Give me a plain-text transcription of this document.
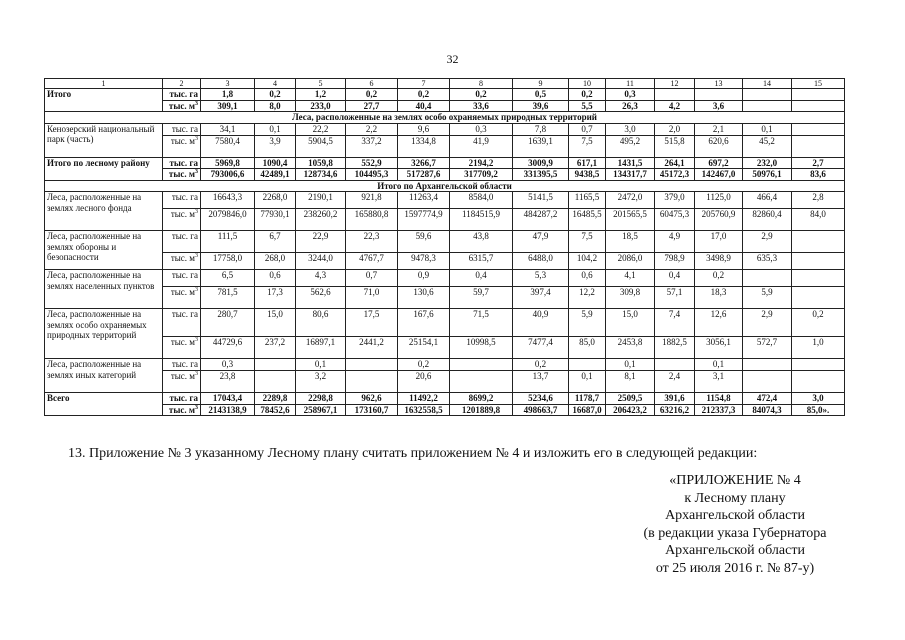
32
1	2	3	4	5	6	7	8	9	10	11	12	13	14	15
Итого	тыс. га	1,8	0,2	1,2	0,2	0,2	0,2	0,5	0,2	0,3				
	тыс. $м^3$	309,1	8,0	233,0	27,7	40,4	33,6	39,6	5,5	26,3	4,2	3,6		
Леса, расположенные на землях особо охраняемых природных территорий														
Кенозерский национальный парк (часть)	тыс. га	34,1	0,1	22,2	2,2	9,6	0,3	7,8	0,7	3,0	2,0	2,1	0,1	
	тыс. $м^3$	7580,4	3,9	5904,5	337,2	1334,8	41,9	1639,1	7,5	495,2	515,8	620,6	45,2	
Итого по лесному району	тыс. га	5969,8	1090,4	1059,8	552,9	3266,7	2194,2	3009,9	617,1	1431,5	264,1	697,2	232,0	2,7
	тыс. $м^3$	793006,6	42489,1	128734,6	104495,3	517287,6	317709,2	331395,5	9438,5	134317,7	45172,3	142467,0	50976,1	83,6
Итого по Архангельской области														
Леса, расположенные на землях лесного фонда	тыс. га	16643,3	2268,0	2190,1	921,8	11263,4	8584,0	5141,5	1165,5	2472,0	379,0	1125,0	466,4	2,8
	тыс. $м^3$	2079846,0	77930,1	238260,2	165880,8	1597774,9	1184515,9	484287,2	16485,5	201565,5	60475,3	205760,9	82860,4	84,0
Леса, расположенные на землях обороны и безопасности	тыс. га	111,5	6,7	22,9	22,3	59,6	43,8	47,9	7,5	18,5	4,9	17,0	2,9	
	тыс. $м^3$	17758,0	268,0	3244,0	4767,7	9478,3	6315,7	6488,0	104,2	2086,0	798,9	3498,9	635,3	
Леса, расположенные на землях населенных пунктов	тыс. га	6,5	0,6	4,3	0,7	0,9	0,4	5,3	0,6	4,1	0,4	0,2		
	тыс. $м^3$	781,5	17,3	562,6	71,0	130,6	59,7	397,4	12,2	309,8	57,1	18,3	5,9	
Леса, расположенные на землях особо охраняемых природных территорий	тыс. га	280,7	15,0	80,6	17,5	167,6	71,5	40,9	5,9	15,0	7,4	12,6	2,9	0,2
	тыс. $м^3$	44729,6	237,2	16897,1	2441,2	25154,1	10998,5	7477,4	85,0	2453,8	1882,5	3056,1	572,7	1,0
Леса, расположенные на землях иных категорий	тыс. га	0,3		0,1		0,2		0,2		0,1		0,1		
	тыс. $м^3$	23,8		3,2		20,6		13,7	0,1	8,1	2,4	3,1		
Всего	тыс. га	17043,4	2289,8	2298,8	962,6	11492,2	8699,2	5234,6	1178,7	2509,5	391,6	1154,8	472,4	3,0
	тыс. $м^3$	2143138,9	78452,6	258967,1	173160,7	1632558,5	1201889,8	498663,7	16687,0	206423,2	63216,2	212337,3	84074,3	85,0».
13. Приложение № 3 указанному Лесному плану считать приложением № 4 и изложить его в следующей редакции:
«ПРИЛОЖЕНИЕ № 4
к Лесному плану
Архангельской области
(в редакции указа Губернатора
Архангельской области
от 25 июля 2016 г. № 87-у)
